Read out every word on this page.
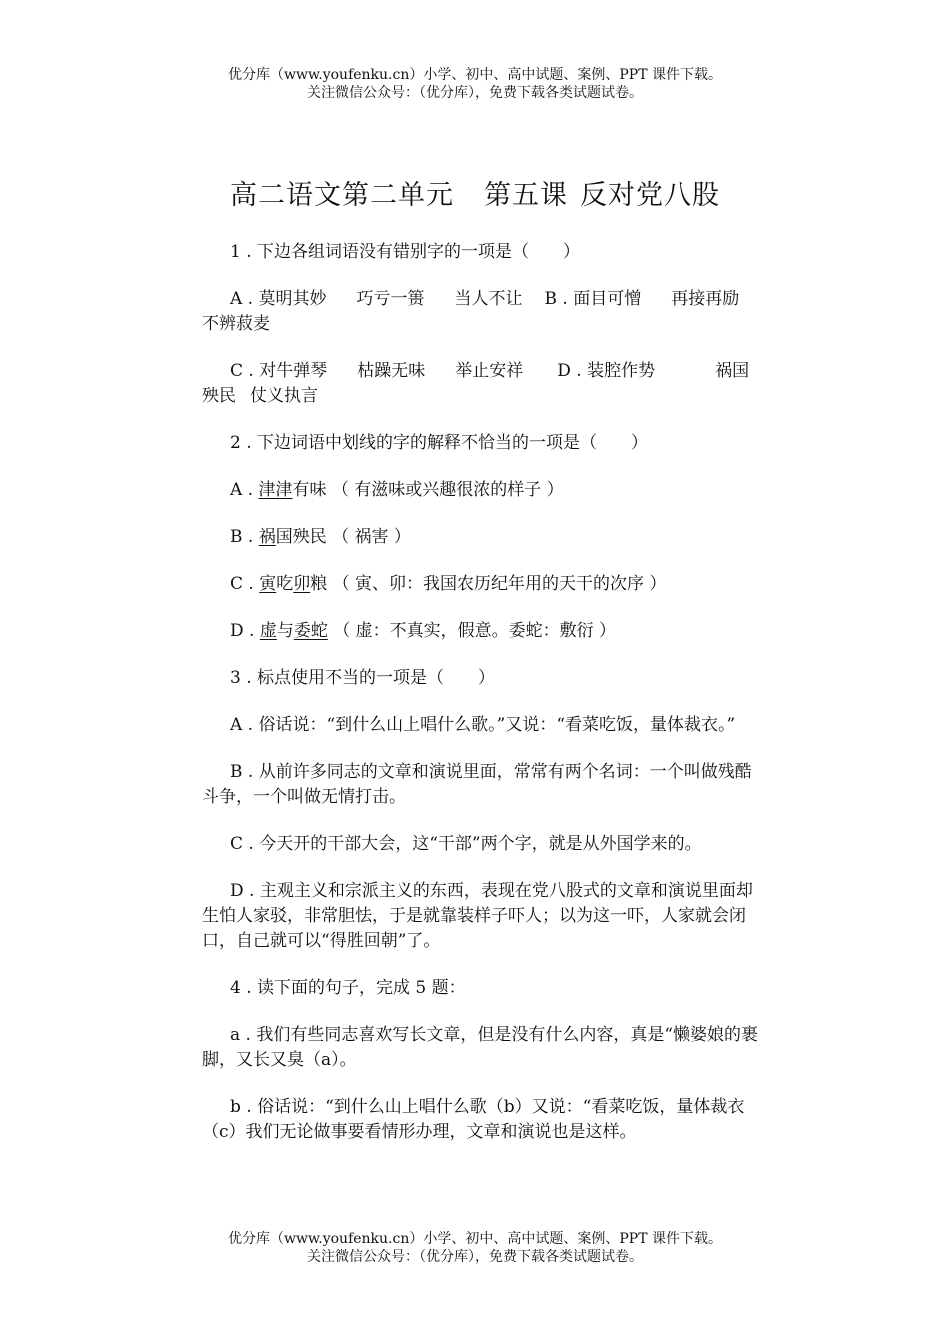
优分库（www.youfenku.cn）小学、初中、高中试题、案例、PPT 课件下载。
关注微信公众号：（优分库），免费下载各类试题试卷。
高二语文第二单元 第五课 反对党八股

1 . 下边各组词语没有错别字的一项是（　　）

A . 莫明其妙 巧亏一篑 当人不让 B . 面目可憎 再接再励不辨菽麦

C . 对牛弹琴 枯躁无味 举止安祥 D . 装腔作势	祸国殃民 仗义执言

2 . 下边词语中划线的字的解释不恰当的一项是（　　）

A . 津津有味 （ 有滋味或兴趣很浓的样子 ）

B . 祸国殃民 （ 祸害 ）

C . 寅吃卯粮 （ 寅、卯：我国农历纪年用的天干的次序 ）

D . 虚与委蛇 （ 虚：不真实，假意。委蛇：敷衍 ）

3 . 标点使用不当的一项是（　　）

A . 俗话说：“到什么山上唱什么歌。”又说：“看菜吃饭，量体裁衣。”

B . 从前许多同志的文章和演说里面，常常有两个名词：一个叫做残酷斗争，一个叫做无情打击。

C . 今天开的干部大会，这“干部”两个字，就是从外国学来的。

D . 主观主义和宗派主义的东西，表现在党八股式的文章和演说里面却生怕人家驳，非常胆怯，于是就靠装样子吓人；以为这一吓，人家就会闭口，自己就可以“得胜回朝”了。

4 . 读下面的句子，完成 5 题：

a . 我们有些同志喜欢写长文章，但是没有什么内容，真是“懒婆娘的裹脚，又长又臭（a）。

b . 俗话说：“到什么山上唱什么歌（b）又说：“看菜吃饭，量体裁衣（c）我们无论做事要看情形办理，文章和演说也是这样。

优分库（www.youfenku.cn）小学、初中、高中试题、案例、PPT 课件下载。
关注微信公众号：（优分库），免费下载各类试题试卷。
